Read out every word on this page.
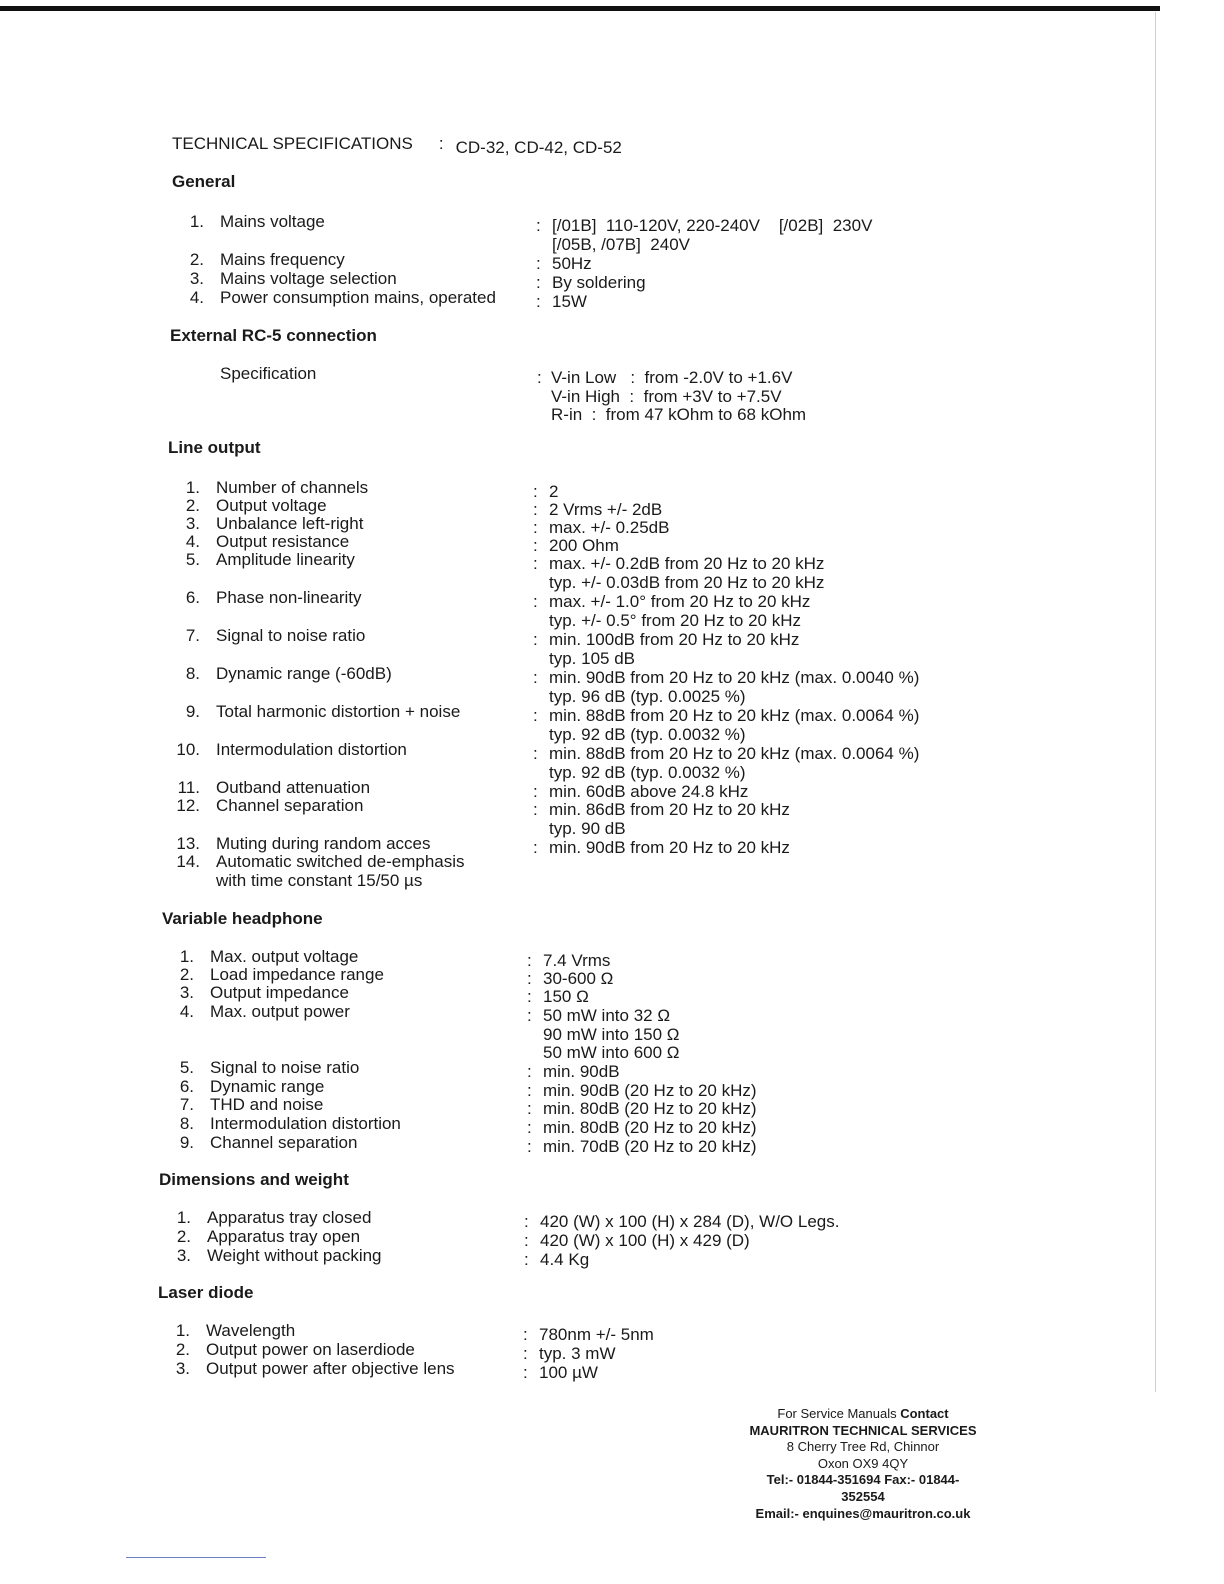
TECHNICAL SPECIFICATIONS : CD-32, CD-42, CD-52
General
1. Mains voltage	: [/01B]  110-120V, 220-240V    [/02B]  230V
[/05B, /07B]  240V
2. Mains frequency	: 50Hz
3. Mains voltage selection	: By soldering
4. Power consumption mains, operated : 15W
External RC-5 connection
Specification	: V-in Low   :  from -2.0V to +1.6V
V-in High  :  from +3V to +7.5V
R-in  :  from 47 kOhm to 68 kOhm
Line output
1. Number of channels	: 2
2. Output voltage	: 2 Vrms +/- 2dB
3. Unbalance left-right	: max. +/- 0.25dB
4. Output resistance	: 200 Ohm
5. Amplitude linearity	: max. +/- 0.2dB from 20 Hz to 20 kHz
typ. +/- 0.03dB from 20 Hz to 20 kHz
6. Phase non-linearity	: max. +/- 1.0° from 20 Hz to 20 kHz
typ. +/- 0.5° from 20 Hz to 20 kHz
7. Signal to noise ratio	: min. 100dB from 20 Hz to 20 kHz
typ. 105 dB
8. Dynamic range (-60dB)	: min. 90dB from 20 Hz to 20 kHz (max. 0.0040 %)
typ. 96 dB (typ. 0.0025 %)
9. Total harmonic distortion + noise	: min. 88dB from 20 Hz to 20 kHz (max. 0.0064 %)
typ. 92 dB (typ. 0.0032 %)
10. Intermodulation distortion	: min. 88dB from 20 Hz to 20 kHz (max. 0.0064 %)
typ. 92 dB (typ. 0.0032 %)
11. Outband attenuation	: min. 60dB above 24.8 kHz
12. Channel separation	: min. 86dB from 20 Hz to 20 kHz
typ. 90 dB
13. Muting during random acces	: min. 90dB from 20 Hz to 20 kHz
14. Automatic switched de-emphasis
with time constant 15/50 µs
Variable headphone
1. Max. output voltage	: 7.4 Vrms
2. Load impedance range	: 30-600 Ω
3. Output impedance	: 150 Ω
4. Max. output power	: 50 mW into 32 Ω
90 mW into 150 Ω
50 mW into 600 Ω
5. Signal to noise ratio	: min. 90dB
6. Dynamic range	: min. 90dB (20 Hz to 20 kHz)
7. THD and noise	: min. 80dB (20 Hz to 20 kHz)
8. Intermodulation distortion	: min. 80dB (20 Hz to 20 kHz)
9. Channel separation	: min. 70dB (20 Hz to 20 kHz)
Dimensions and weight
1. Apparatus tray closed	: 420 (W) x 100 (H) x 284 (D), W/O Legs.
2. Apparatus tray open	: 420 (W) x 100 (H) x 429 (D)
3. Weight without packing	: 4.4 Kg
Laser diode
1. Wavelength	: 780nm +/- 5nm
2. Output power on laserdiode	: typ. 3 mW
3. Output power after objective lens	: 100 µW
For Service Manuals Contact
MAURITRON TECHNICAL SERVICES
8 Cherry Tree Rd, Chinnor
Oxon OX9 4QY
Tel:- 01844-351694 Fax:- 01844-352554
Email:- enquines@mauritron.co.uk
